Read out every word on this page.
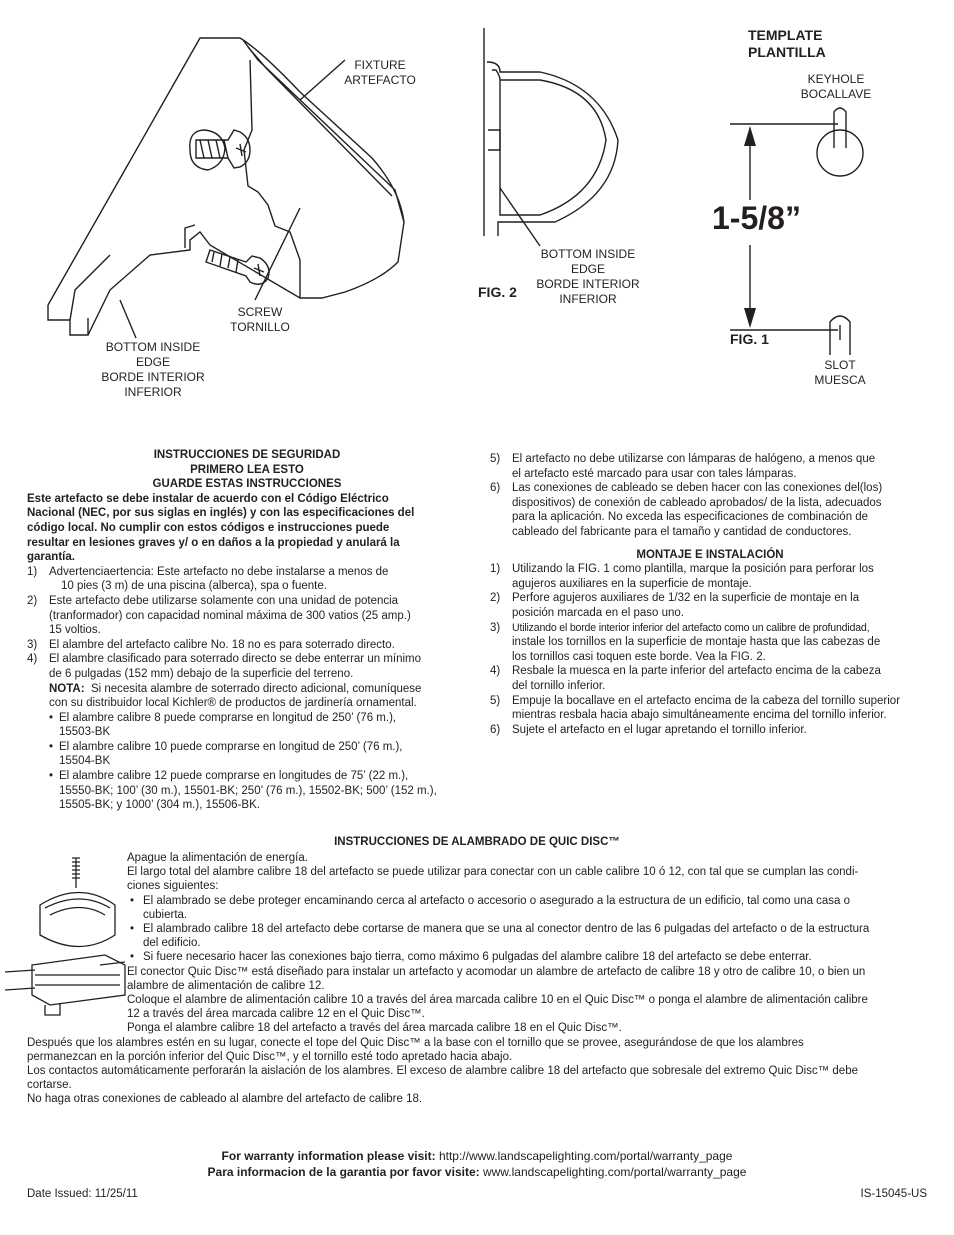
FIXTURE
ARTEFACTO
SCREW
TORNILLO
BOTTOM INSIDE
EDGE
BORDE INTERIOR
INFERIOR
BOTTOM INSIDE
EDGE
BORDE INTERIOR
INFERIOR
FIG. 2
TEMPLATE
PLANTILLA
KEYHOLE
BOCALLAVE
1-5/8”
FIG. 1
SLOT
MUESCA
INSTRUCCIONES DE SEGURIDAD
PRIMERO LEA ESTO
GUARDE ESTAS INSTRUCCIONES
Este artefacto se debe instalar de acuerdo con el Código Eléctrico
Nacional (NEC, por sus siglas en inglés) y con las especificaciones del
código local. No cumplir con estos códigos e instrucciones puede
resultar en lesiones graves y/ o en daños a la propiedad y anulará la
garantía.
1) Advertenciaertencia: Este artefacto no debe instalarse a menos de
10 pies (3 m) de una piscina (alberca), spa o fuente.
2) Este artefacto debe utilizarse solamente con una unidad de potencia
(tranformador) con capacidad nominal máxima de 300 vatios (25 amp.)
15 voltios.
3) El alambre del artefacto calibre No. 18 no es para soterrado directo.
4) El alambre clasificado para soterrado directo se debe enterrar un mínimo
de 6 pulgadas (152 mm) debajo de la superficie del terreno.
NOTA: Si necesita alambre de soterrado directo adicional, comuníquese
con su distribuidor local Kichler® de productos de jardinería ornamental.
• El alambre calibre 8 puede comprarse en longitud de 250’ (76 m.),
15503-BK
• El alambre calibre 10 puede comprarse en longitud de 250’ (76 m.),
15504-BK
• El alambre calibre 12 puede comprarse en longitudes de 75’ (22 m.),
15550-BK; 100’ (30 m.), 15501-BK; 250’ (76 m.), 15502-BK; 500’ (152 m.),
15505-BK; y 1000’ (304 m.), 15506-BK.
5) El artefacto no debe utilizarse con lámparas de halógeno, a menos que
el artefacto esté marcado para usar con tales lámparas.
6) Las conexiones de cableado se deben hacer con las conexiones del(los)
dispositivos) de conexión de cableado aprobados/ de la lista, adecuados
para la aplicación. No exceda las especificaciones de combinación de
cableado del fabricante para el tamaño y cantidad de conductores.
MONTAJE E INSTALACIÓN
1) Utilizando la FIG. 1 como plantilla, marque la posición para perforar los
agujeros auxiliares en la superficie de montaje.
2) Perfore agujeros auxiliares de 1/32 en la superficie de montaje en la
posición marcada en el paso uno.
3) Utilizando el borde interior inferior del artefacto como un calibre de profundidad,
instale los tornillos en la superficie de montaje hasta que las cabezas de
los tornillos casi toquen este borde. Vea la FIG. 2.
4) Resbale la muesca en la parte inferior del artefacto encima de la cabeza
del tornillo inferior.
5) Empuje la bocallave en el artefacto encima de la cabeza del tornillo superior
mientras resbala hacia abajo simultáneamente encima del tornillo inferior.
6) Sujete el artefacto en el lugar apretando el tornillo inferior.
INSTRUCCIONES DE ALAMBRADO DE QUIC DISC™
Apague la alimentación de energía.
El largo total del alambre calibre 18 del artefacto se puede utilizar para conectar con un cable calibre 10 ó 12, con tal que se cumplan las condi-
ciones siguientes:
• El alambrado se debe proteger encaminando cerca al artefacto o accesorio o asegurado a la estructura de un edificio, tal como una casa o
cubierta.
• El alambrado calibre 18 del artefacto debe cortarse de manera que se una al conector dentro de las 6 pulgadas del artefacto o de la estructura
del edificio.
• Si fuere necesario hacer las conexiones bajo tierra, como máximo 6 pulgadas del alambre calibre 18 del artefacto se debe enterrar.
El conector Quic Disc™ está diseñado para instalar un artefacto y acomodar un alambre de artefacto de calibre 18 y otro de calibre 10, o bien un
alambre de alimentación de calibre 12.
Coloque el alambre de alimentación calibre 10 a través del área marcada calibre 10 en el Quic Disc™ o ponga el alambre de alimentación calibre
12 a través del área marcada calibre 12 en el Quic Disc™.
Ponga el alambre calibre 18 del artefacto a través del área marcada calibre 18 en el Quic Disc™.
Después que los alambres estén en su lugar, conecte el tope del Quic Disc™ a la base con el tornillo que se provee, asegurándose de que los alambres
permanezcan en la porción inferior del Quic Disc™, y el tornillo esté todo apretado hacia abajo.
Los contactos automáticamente perforarán la aislación de los alambres. El exceso de alambre calibre 18 del artefacto que sobresale del extremo Quic Disc™ debe
cortarse.
No haga otras conexiones de cableado al alambre del artefacto de calibre 18.
For warranty information please visit: http://www.landscapelighting.com/portal/warranty_page
Para informacion de la garantia por favor visite: www.landscapelighting.com/portal/warranty_page
Date Issued: 11/25/11	IS-15045-US
